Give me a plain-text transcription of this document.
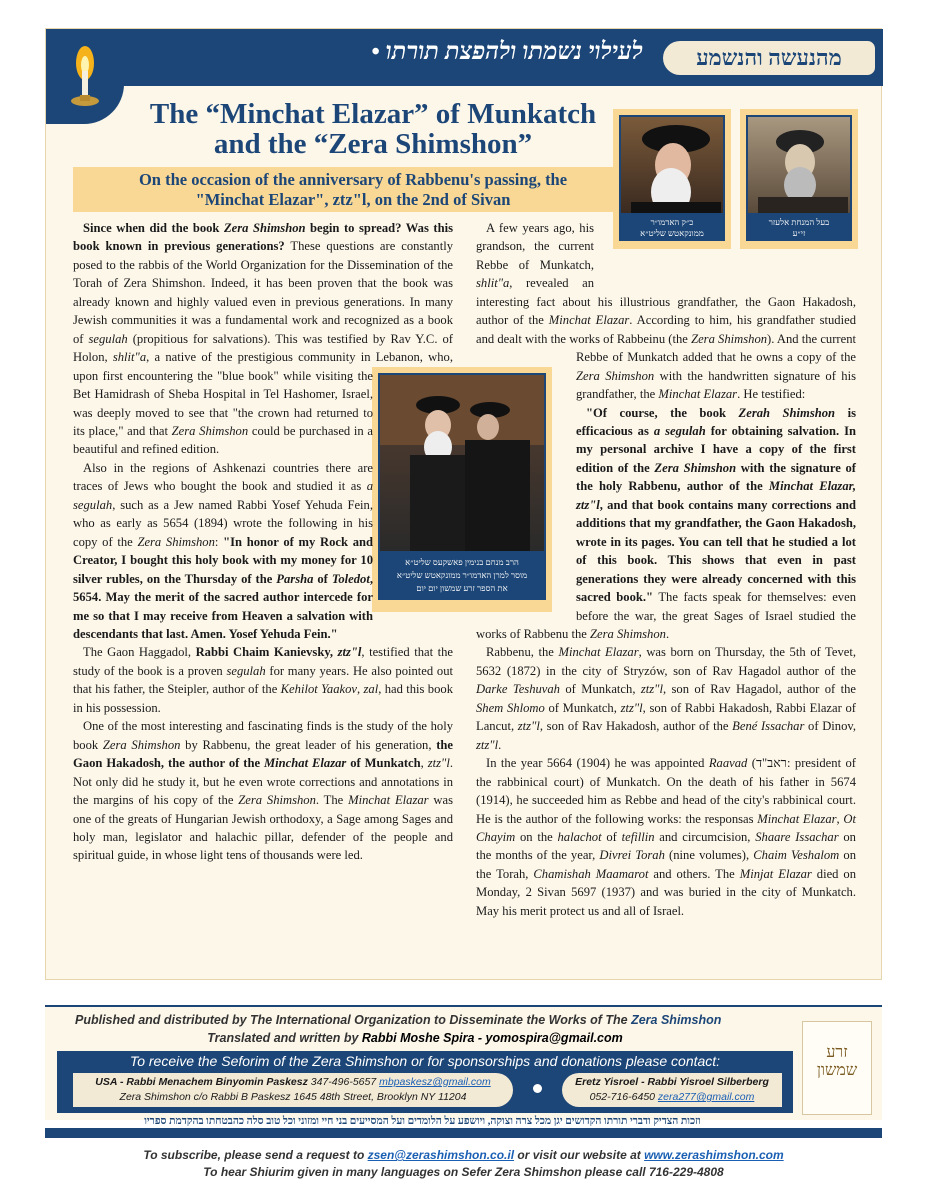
לעילוי נשמתו ולהפצת תורתו •	מהנעשה והנשמע
The “Minchat Elazar” of Munkatch
and the “Zera Shimshon”
On the occasion of the anniversary of Rabbenu's passing, the
"Minchat Elazar", ztz"l, on the 2nd of Sivan
כ״ק האדמו״ר
ממונקאטש שליט״א
בעל המנחת אלעזר
זי״ע
הרב מנחם בנימין פאשקעס שליט״א
מוסר למרן האדמו״ר ממונקאטש שליט״א
את הספר זרע שמשון יום יום

Since when did the book Zera Shimshon begin to spread? Was this book known in previous generations? These questions are constantly posed to the rabbis of the World Organization for the Dissemination of the Torah of Zera Shimshon. Indeed, it has been proven that the book was already known and highly valued even in previous generations. In many Jewish communities it was a fundamental work and recognized as a book of segulah (propitious for salvations). This was testified by Rav Y.C. of Holon, shlit"a, a native of the prestigious community in Lebanon, who, upon first encountering the "blue book" while visiting the Bet Hamidrash of Sheba Hospital in Tel Hashomer, Israel, was deeply moved to see that "the crown had returned to its place," and that Zera Shimshon could be purchased in a beautiful and refined edition.

Also in the regions of Ashkenazi countries there are traces of Jews who bought the book and studied it as a segulah, such as a Jew named Rabbi Yosef Yehuda Fein, who as early as 5654 (1894) wrote the following in his copy of the Zera Shimshon: "In honor of my Rock and Creator, I bought this holy book with my money for 10 silver rubles, on the Thursday of the Parsha of Toledot, 5654. May the merit of the sacred author intercede for me so that I may receive from Heaven a salvation with descendants that last. Amen. Yosef Yehuda Fein."

The Gaon Haggadol, Rabbi Chaim Kanievsky, ztz"l, testified that the study of the book is a proven segulah for many years. He also pointed out that his father, the Steipler, author of the Kehilot Yaakov, zal, had this book in his possession.

One of the most interesting and fascinating finds is the study of the holy book Zera Shimshon by Rabbenu, the great leader of his generation, the Gaon Hakadosh, the author of the Minchat Elazar of Munkatch, ztz"l. Not only did he study it, but he even wrote corrections and annotations in the margins of his copy of the Zera Shimshon. The Minchat Elazar was one of the greats of Hungarian Jewish orthodoxy, a Sage among Sages and holy man, legislator and halachic pillar, defender of the people and spiritual guide, in whose light tens of thousands were led.

A few years ago, his grandson, the current Rebbe of Munkatch, shlit"a, revealed an interesting fact about his illustrious grandfather, the Gaon Hakadosh, author of the Minchat Elazar. According to him, his grandfather studied and dealt with the works of Rabbeinu (the Zera Shimshon). And the current Rebbe of Munkatch added that he owns a copy of the Zera Shimshon with the handwritten signature of his grandfather, the Minchat Elazar. He testified:

"Of course, the book Zerah Shimshon is efficacious as a segulah for obtaining salvation. In my personal archive I have a copy of the first edition of the Zera Shimshon with the signature of the holy Rabbenu, author of the Minchat Elazar, ztz"l, and that book contains many corrections and additions that my grandfather, the Gaon Hakadosh, wrote in its pages. You can tell that he studied a lot of this book. This shows that even in past generations they were already concerned with this sacred book." The facts speak for themselves: even before the war, the great Sages of Israel studied the works of Rabbenu the Zera Shimshon.

Rabbenu, the Minchat Elazar, was born on Thursday, the 5th of Tevet, 5632 (1872) in the city of Stryzów, son of Rav Hagadol author of the Darke Teshuvah of Munkatch, ztz"l, son of Rav Hagadol, author of the Shem Shlomo of Munkatch, ztz"l, son of Rabbi Hakadosh, Rabbi Elazar of Lancut, ztz"l, son of Rav Hakadosh, author of the Bené Issachar of Dinov, ztz"l.

In the year 5664 (1904) he was appointed Raavad (ראב"ד: president of the rabbinical court) of Munkatch. On the death of his father in 5674 (1914), he succeeded him as Rebbe and head of the city's rabbinical court. He is the author of the following works: the responsas Minchat Elazar, Ot Chayim on the halachot of tefillin and circumcision, Shaare Issachar on the months of the year, Divrei Torah (nine volumes), Chaim Veshalom on the Torah, Chamishah Maamarot and others. The Minjat Elazar died on Monday, 2 Sivan 5697 (1937) and was buried in the city of Munkatch. May his merit protect us and all of Israel.

Published and distributed by The International Organization to Disseminate the Works of The Zera Shimshon
Translated and written by Rabbi Moshe Spira - yomospira@gmail.com
To receive the Seforim of the Zera Shimshon or for sponsorships and donations please contact:
USA - Rabbi Menachem Binyomin Paskesz 347-496-5657 mbpaskesz@gmail.com
Zera Shimshon c/o Rabbi B Paskesz 1645 48th Street, Brooklyn NY 11204
Eretz Yisroel - Rabbi Yisroel Silberberg
052-716-6450 zera277@gmail.com
וזכות הצדיק ודברי תורתו הקדושים יגן מכל צרה וצוקה, ויושפע על הלומדים ועל המסייעים בני חיי ומזוני וכל טוב סלה כהבטחתו בהקדמת ספריו
זרע
שמשון
To subscribe, please send a request to zsen@zerashimshon.co.il or visit our website at www.zerashimshon.com
To hear Shiurim given in many languages on Sefer Zera Shimshon please call 716-229-4808
